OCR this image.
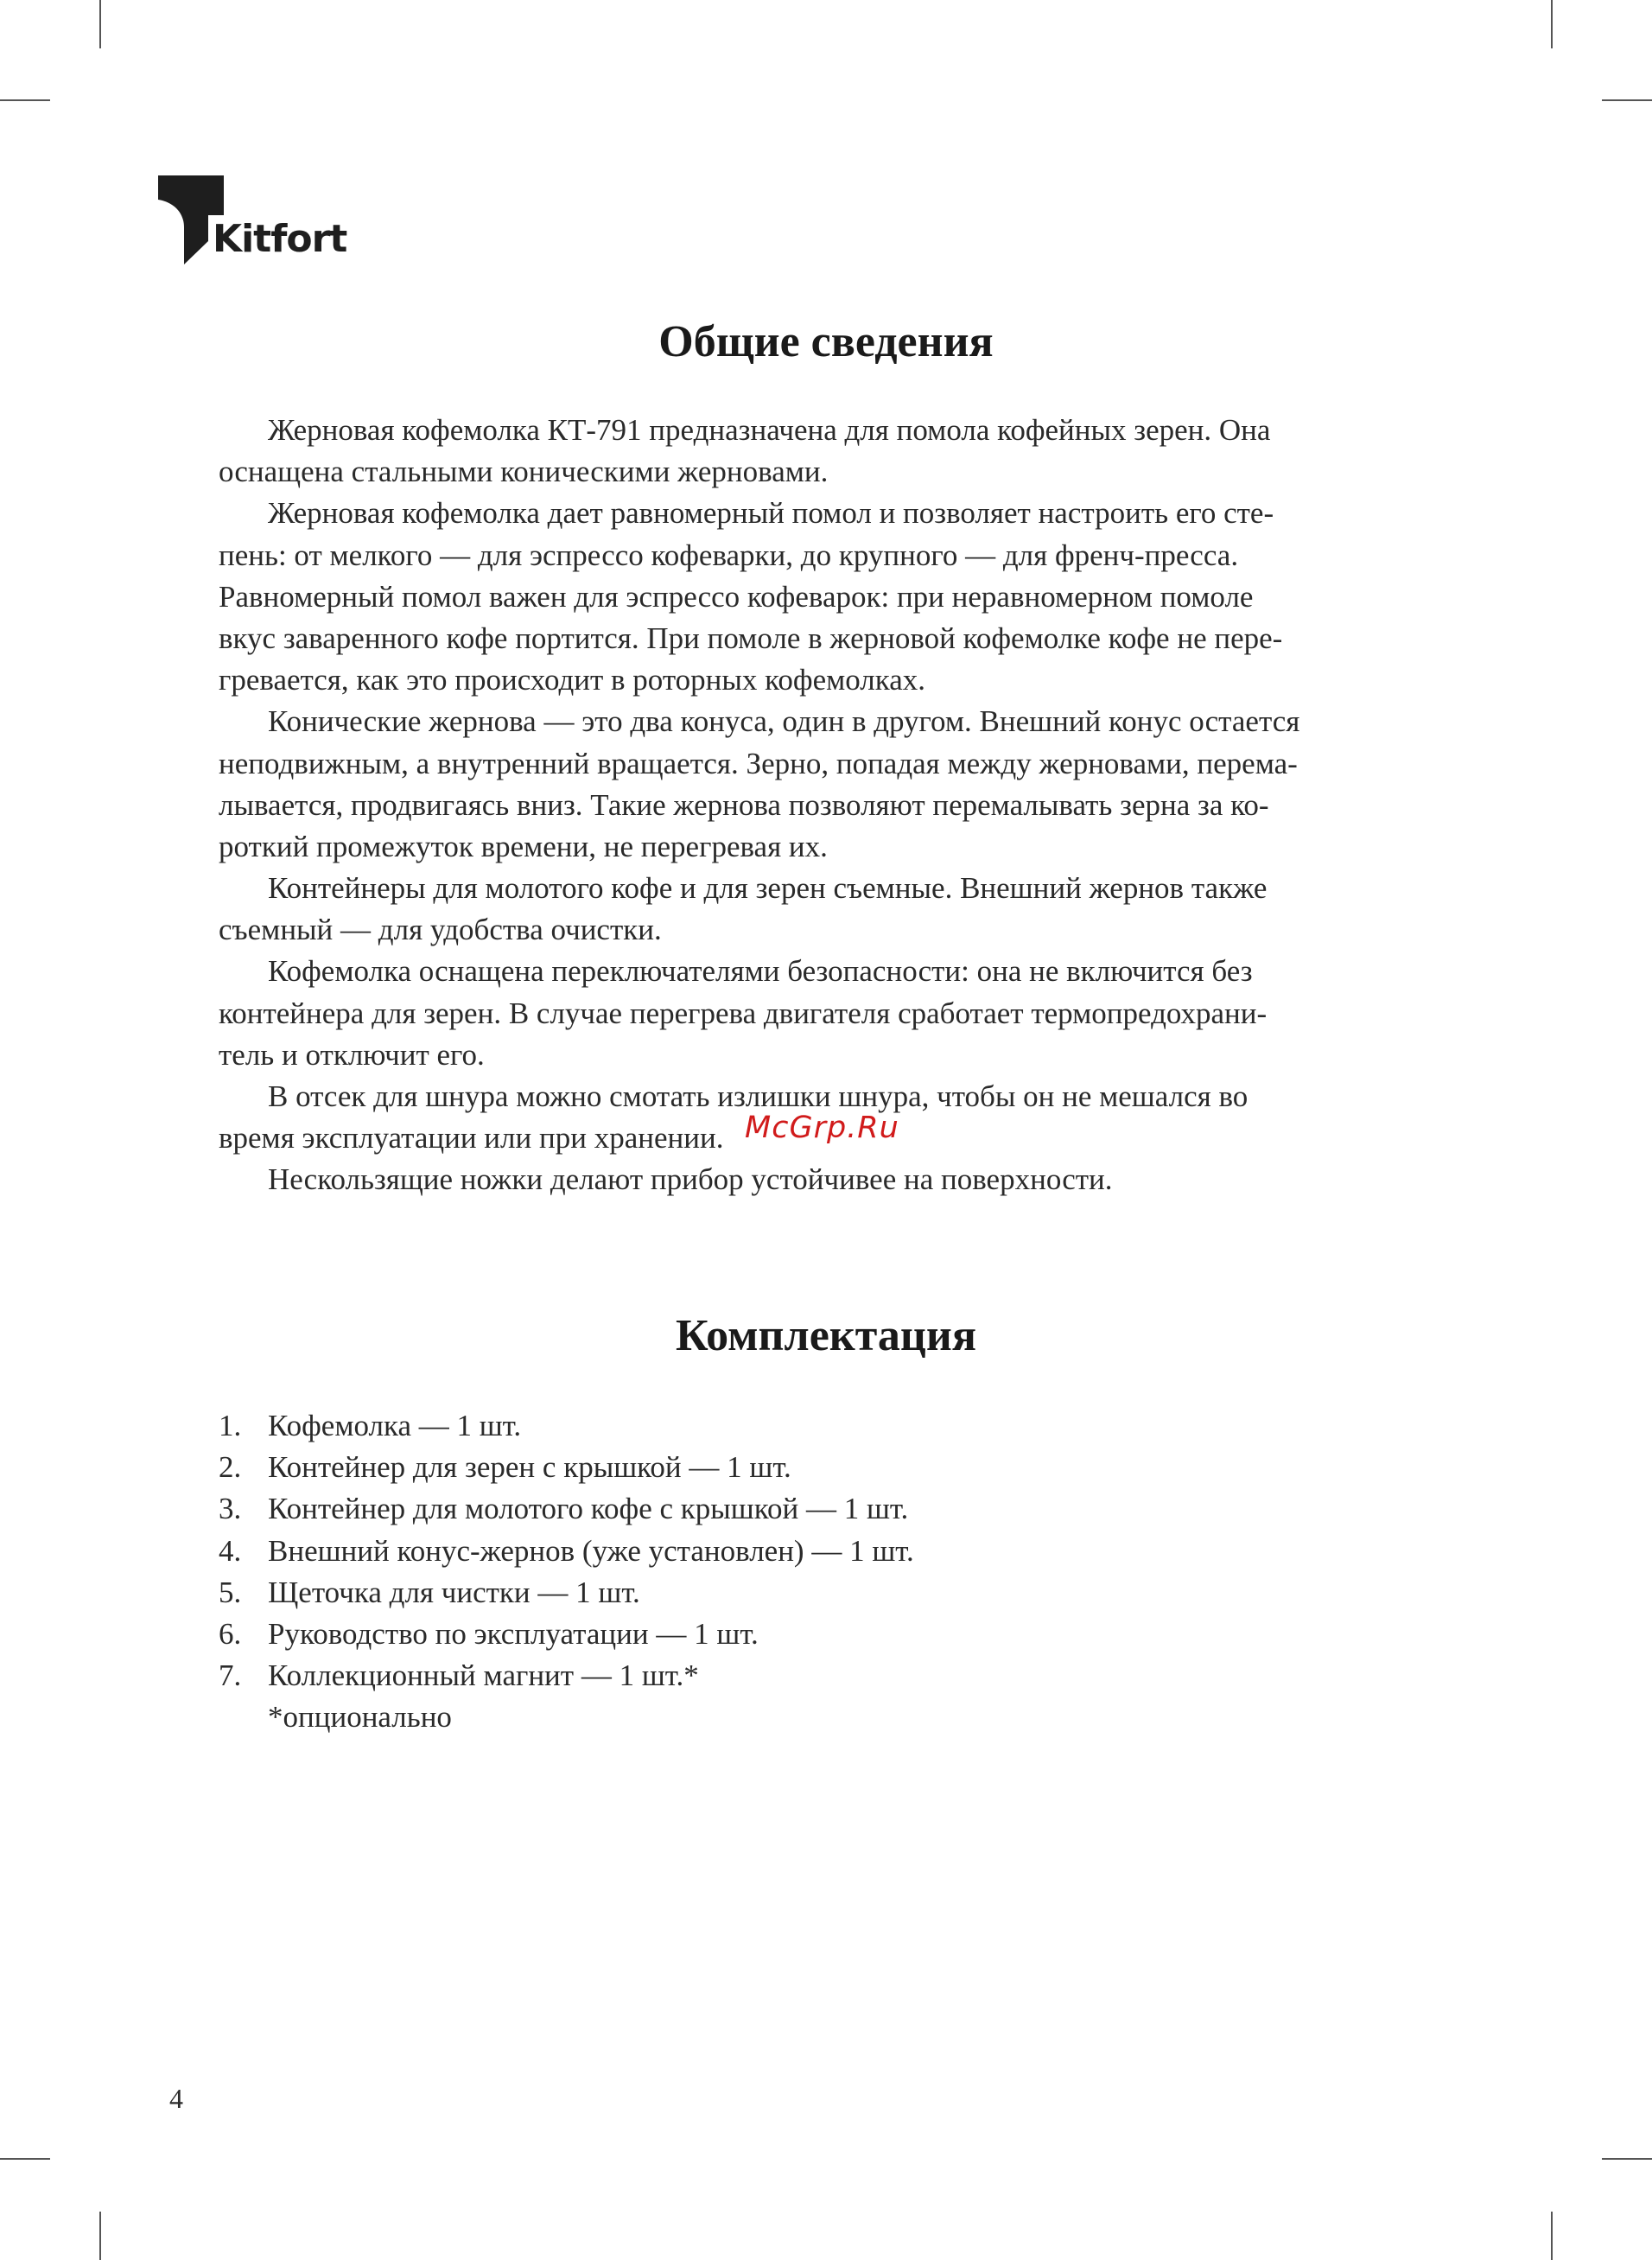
Kitfort
Общие сведения
Жерновая кофемолка КТ-791 предназначена для помола кофейных зерен. Она
оснащена стальными коническими жерновами.
Жерновая кофемолка дает равномерный помол и позволяет настроить его сте-
пень: от мелкого — для эспрессо кофеварки, до крупного — для френч-пресса.
Равномерный помол важен для эспрессо кофеварок: при неравномерном помоле
вкус заваренного кофе портится. При помоле в жерновой кофемолке кофе не пере-
гревается, как это происходит в роторных кофемолках.
Конические жернова — это два конуса, один в другом. Внешний конус остается
неподвижным, а внутренний вращается. Зерно, попадая между жерновами, перема-
лывается, продвигаясь вниз. Такие жернова позволяют перемалывать зерна за ко-
роткий промежуток времени, не перегревая их.
Контейнеры для молотого кофе и для зерен съемные. Внешний жернов также
съемный — для удобства очистки.
Кофемолка оснащена переключателями безопасности: она не включится без
контейнера для зерен. В случае перегрева двигателя сработает термопредохрани-
тель и отключит его.
В отсек для шнура можно смотать излишки шнура, чтобы он не мешался во
время эксплуатации или при хранении.
Нескользящие ножки делают прибор устойчивее на поверхности.
McGrp.Ru
Комплектация
1. Кофемолка — 1 шт.
2. Контейнер для зерен с крышкой — 1 шт.
3. Контейнер для молотого кофе с крышкой — 1 шт.
4. Внешний конус-жернов (уже установлен) — 1 шт.
5. Щеточка для чистки — 1 шт.
6. Руководство по эксплуатации — 1 шт.
7. Коллекционный магнит — 1 шт.*
*опционально
4
